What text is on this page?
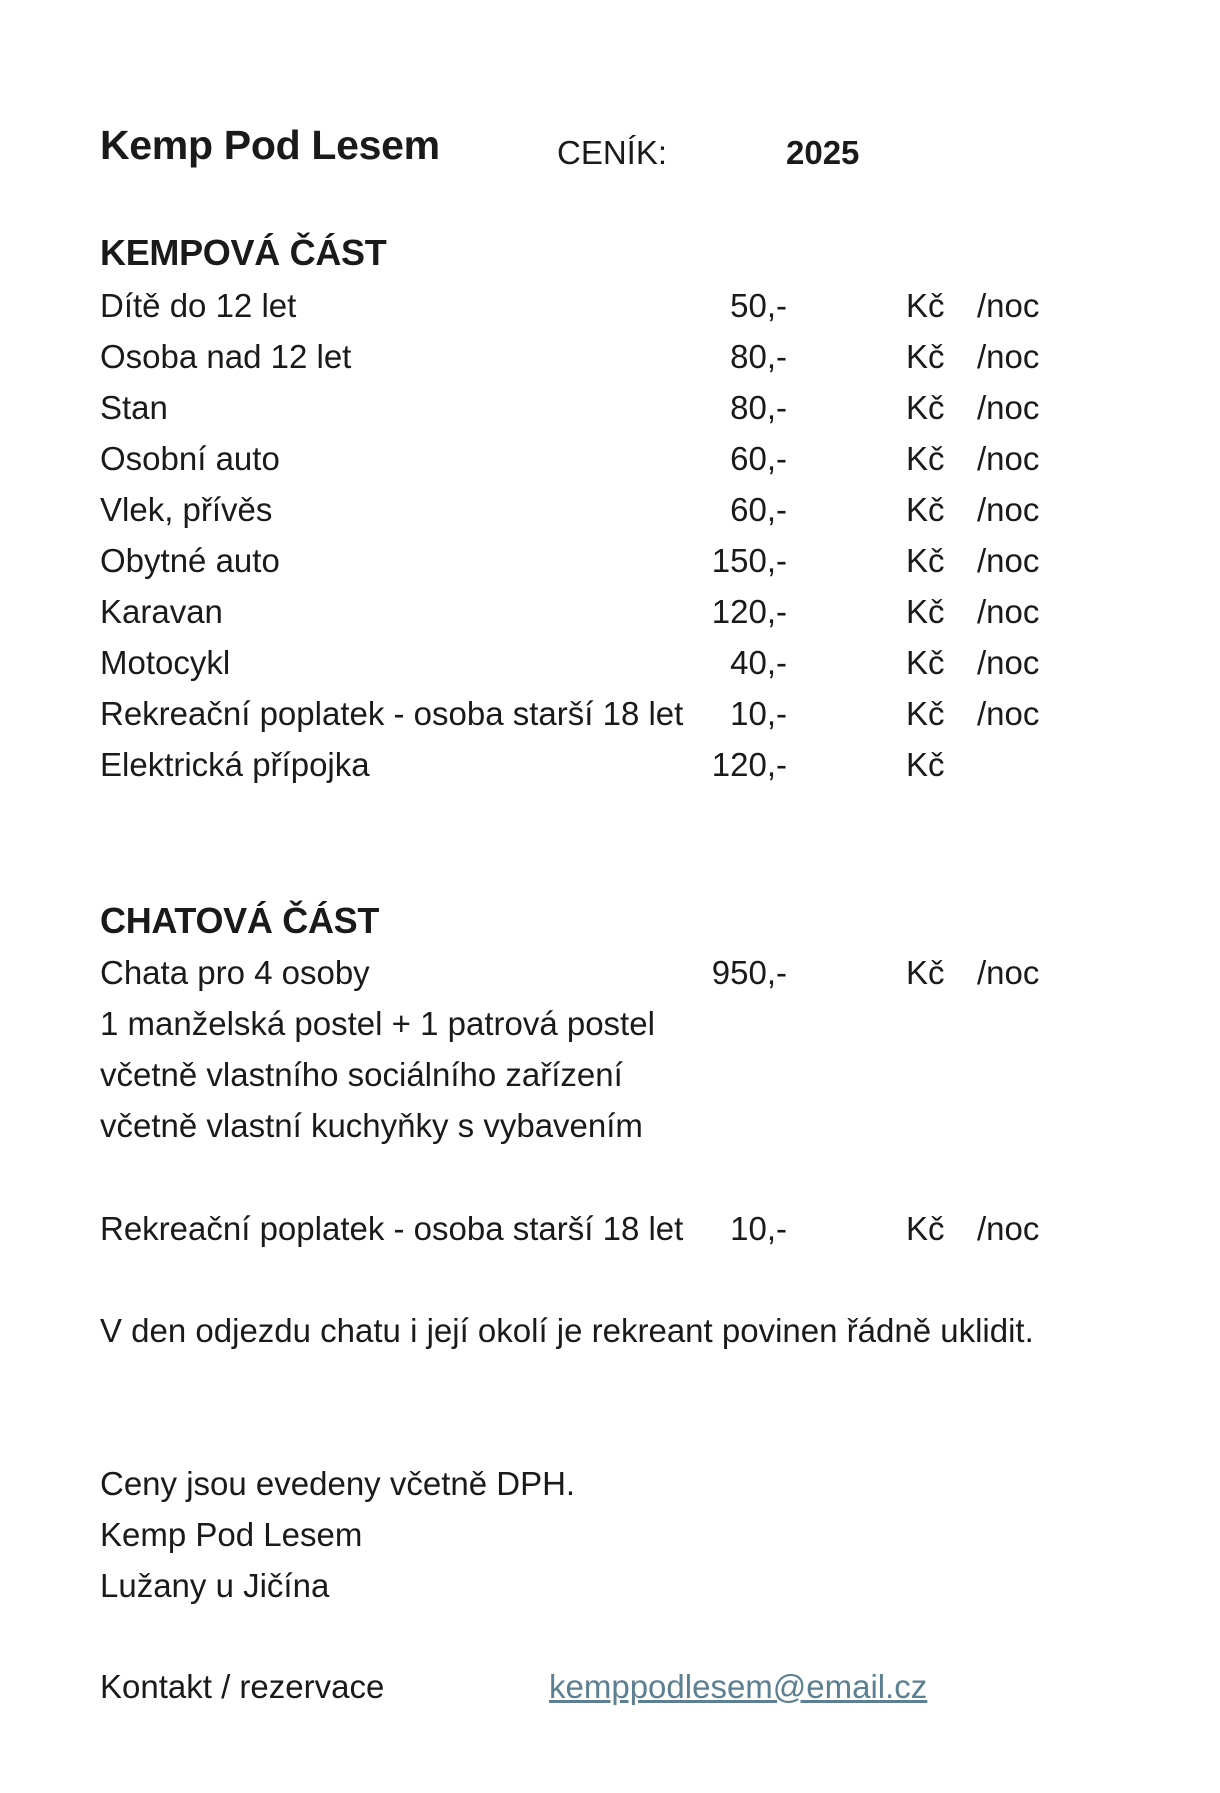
Kemp Pod Lesem	CENÍK:	2025
KEMPOVÁ ČÁST
Dítě do 12 let	50,-	Kč /noc
Osoba nad 12 let	80,-	Kč /noc
Stan	80,-	Kč /noc
Osobní auto	60,-	Kč /noc
Vlek, přívěs	60,-	Kč /noc
Obytné auto	150,-	Kč /noc
Karavan	120,-	Kč /noc
Motocykl	40,-	Kč /noc
Rekreační poplatek - osoba starší 18 let 10,-	Kč /noc
Elektrická přípojka	120,-	Kč
CHATOVÁ ČÁST
Chata pro 4 osoby	950,-	Kč /noc
1 manželská postel + 1 patrová postel
včetně vlastního sociálního zařízení
včetně vlastní kuchyňky s vybavením
Rekreační poplatek - osoba starší 18 let 10,-	Kč /noc
V den odjezdu chatu i její okolí je rekreant povinen řádně uklidit.
Ceny jsou evedeny včetně DPH.
Kemp Pod Lesem
Lužany u Jičína
Kontakt / rezervace	kemppodlesem@email.cz
